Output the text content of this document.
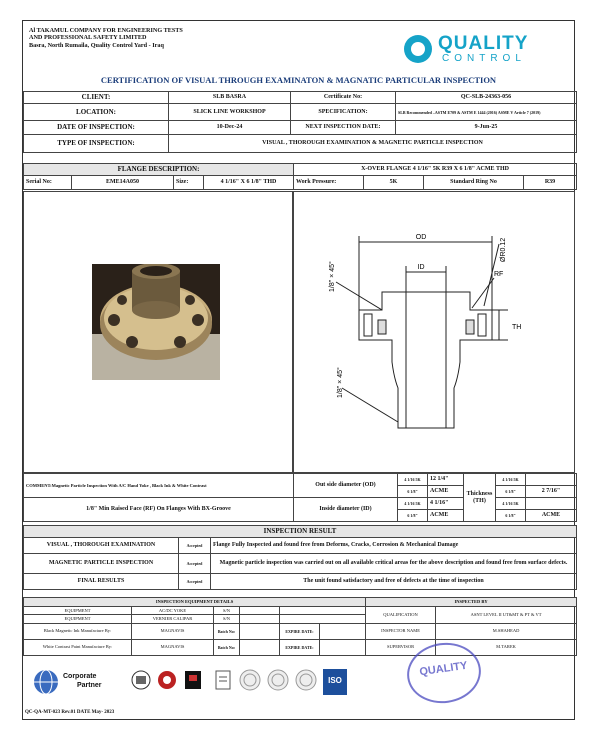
Al TAKAMUL COMPANY FOR ENGINEERING TESTS
AND PROFESSIONAL SAFETY LIMITED
Basra, North Rumaila, Quality Control Yard - Iraq	QUALITY
CONTROL
CERTIFICATION OF VISUAL THROUGH EXAMINATON & MAGNATIC PARTICULAR INSPECTION
CLIENT:	SLB BASRA	Certificate No:	QC-SLB-24363-056
LOCATION:	SLICK LINE WORKSHOP	SPECIFICATION:	SLB Recommended –ASTM E709 & ASTM E 1444 (2016) ASME V Article 7 (2019)
DATE OF INSPECTION:	10-Dec-24	NEXT INSPECTION DATE:	9-Jun-25
TYPE OF INSPECTION:	VISUAL , THOROUGH EXAMINATION & MAGNETIC PARTICLE INSPECTION		
FLANGE DESCRIPTION:				X-OVER FLANGE 4 1/16" 5K R39 X 6 1/8" ACME THD			
Serial No:	EME14A050	Size:	4 1/16" X 6 1/8" THD	Work Pressure:	5K	Standard Ring No	R39
OD
ID
TH
RF
ØR0.12
1/8" × 45°
1/8" × 45°
COMMENT:Magnetic Particle Inspection With A/C Hand Yoke , Black Ink & White Contrast	Out side diameter (OD)	4 1/16 5K	12 1/4"	Thickness (TH)	4 1/16 5K	
		6 1/8"	ACME		6 1/8"	2 7/16"
1/8" Min Raised Face (RF) On Flanges With BX-Groove	Inside diameter (ID)	4 1/16 5K	4 1/16"		4 1/16 5K	
		6 1/8"	ACME		6 1/8"	ACME
INSPECTION RESULT		
VISUAL , THOROUGH EXAMINATION	Accepted	Flange Fully Inspected and found free from Deforms, Cracks, Corrosion & Mechanical Damage
MAGNETIC PARTICLE INSPECTION	Accepted	Magnetic particle inspection was carried out on all available critical areas for the above description and found free from surface defects.
FINAL RESULTS	Accepted	The unit found satisfactory and free of defects at the time of inspection
INSPECTION EQUIPMENT DETAILS						INSPECTED BY	
EQUIPMENT	AC/DC YOKE	S/N				QUALIFICATION	ASNT LEVEL II UT&MT & PT & VT
EQUIPMENT	VERNIER CALIPAR	S/N					
Black Magnetic Ink Manufacture By:	MAGNAVIS	Batch No:		EXPIRE DATE:		INSPECTOR NAME	M.SHAHEAD
White Contrast Paint Manufacture By:	MAGNAVIS	Batch No:		EXPIRE DATE:		SUPERVISOR	M.TAREK
Corporate
Partner
ISO
QUALITY
QC-QA-MT-023 Rev.01 DATE May- 2023
